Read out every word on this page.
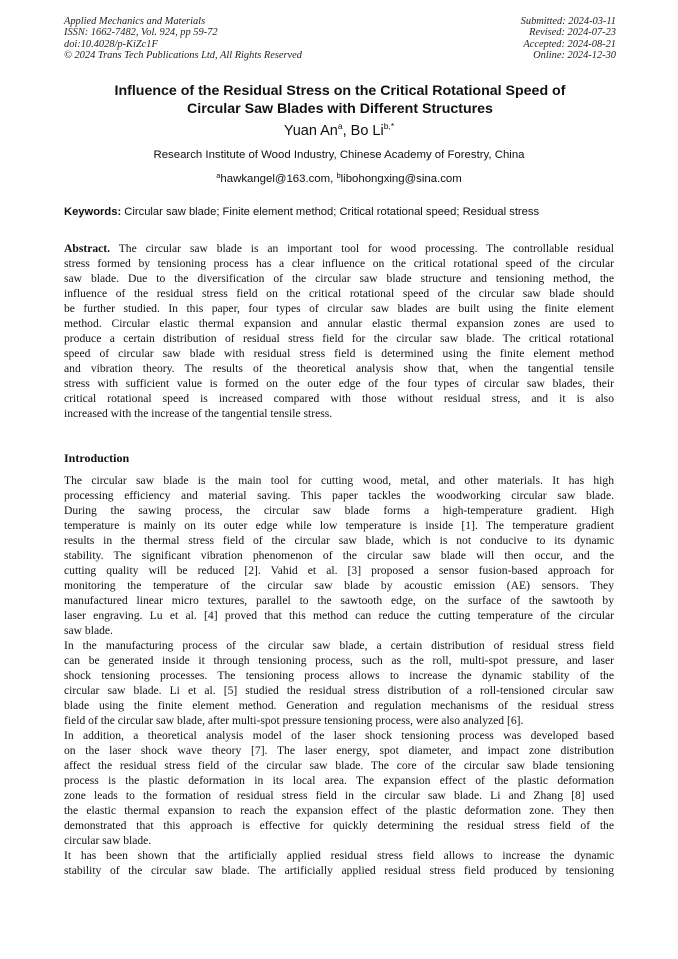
Applied Mechanics and Materials
ISSN: 1662-7482, Vol. 924, pp 59-72
doi:10.4028/p-KiZc1F
© 2024 Trans Tech Publications Ltd, All Rights Reserved
Submitted: 2024-03-11
Revised: 2024-07-23
Accepted: 2024-08-21
Online: 2024-12-30
Influence of the Residual Stress on the Critical Rotational Speed of
Circular Saw Blades with Different Structures
Yuan An$^a$, Bo $Li^{b,*}$
Research Institute of Wood Industry, Chinese Academy of Forestry, China
$^a$hawkangel@163.com, $^b$libohongxing@sina.com
Keywords: Circular saw blade; Finite element method; Critical rotational speed; Residual stress
Abstract. The circular saw blade is an important tool for wood processing. The controllable residual
stress formed by tensioning process has a clear influence on the critical rotational speed of the circular
saw blade. Due to the diversification of the circular saw blade structure and tensioning method, the
influence of the residual stress field on the critical rotational speed of the circular saw blade should
be further studied. In this paper, four types of circular saw blades are built using the finite element
method. Circular elastic thermal expansion and annular elastic thermal expansion zones are used to
produce a certain distribution of residual stress field for the circular saw blade. The critical rotational
speed of circular saw blade with residual stress field is determined using the finite element method
and vibration theory. The results of the theoretical analysis show that, when the tangential tensile
stress with sufficient value is formed on the outer edge of the four types of circular saw blades, their
critical rotational speed is increased compared with those without residual stress, and it is also
increased with the increase of the tangential tensile stress.
Introduction
The circular saw blade is the main tool for cutting wood, metal, and other materials. It has high
processing efficiency and material saving. This paper tackles the woodworking circular saw blade.
During the sawing process, the circular saw blade forms a high-temperature gradient. High
temperature is mainly on its outer edge while low temperature is inside [1]. The temperature gradient
results in the thermal stress field of the circular saw blade, which is not conducive to its dynamic
stability. The significant vibration phenomenon of the circular saw blade will then occur, and the
cutting quality will be reduced [2]. Vahid et al. [3] proposed a sensor fusion-based approach for
monitoring the temperature of the circular saw blade by acoustic emission (AE) sensors. They
manufactured linear micro textures, parallel to the sawtooth edge, on the surface of the sawtooth by
laser engraving. Lu et al. [4] proved that this method can reduce the cutting temperature of the circular
saw blade.
In the manufacturing process of the circular saw blade, a certain distribution of residual stress field
can be generated inside it through tensioning process, such as the roll, multi-spot pressure, and laser
shock tensioning processes. The tensioning process allows to increase the dynamic stability of the
circular saw blade. Li et al. [5] studied the residual stress distribution of a roll-tensioned circular saw
blade using the finite element method. Generation and regulation mechanisms of the residual stress
field of the circular saw blade, after multi-spot pressure tensioning process, were also analyzed [6].
In addition, a theoretical analysis model of the laser shock tensioning process was developed based
on the laser shock wave theory [7]. The laser energy, spot diameter, and impact zone distribution
affect the residual stress field of the circular saw blade. The core of the circular saw blade tensioning
process is the plastic deformation in its local area. The expansion effect of the plastic deformation
zone leads to the formation of residual stress field in the circular saw blade. Li and Zhang [8] used
the elastic thermal expansion to reach the expansion effect of the plastic deformation zone. They then
demonstrated that this approach is effective for quickly determining the residual stress field of the
circular saw blade.
It has been shown that the artificially applied residual stress field allows to increase the dynamic
stability of the circular saw blade. The artificially applied residual stress field produced by tensioning
